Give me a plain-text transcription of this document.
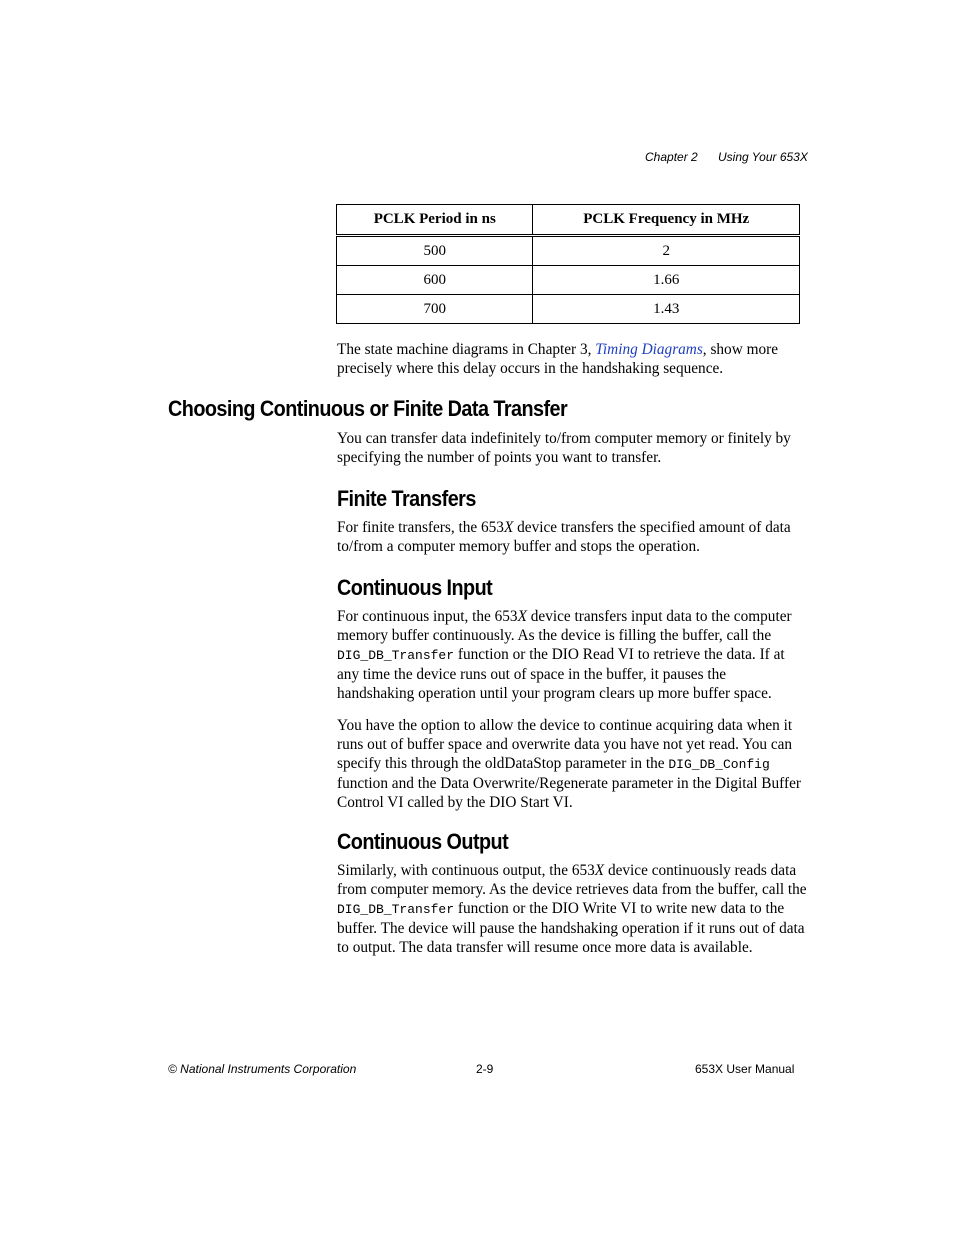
Chapter 2 Using Your 653X
PCLK Period in ns	PCLK Frequency in MHz
500	2
600	1.66
700	1.43

The state machine diagrams in Chapter 3, Timing Diagrams, show more precisely where this delay occurs in the handshaking sequence.

Choosing Continuous or Finite Data Transfer

You can transfer data indefinitely to/from computer memory or finitely by specifying the number of points you want to transfer.

Finite Transfers

For finite transfers, the 653X device transfers the specified amount of data to/from a computer memory buffer and stops the operation.

Continuous Input

For continuous input, the 653X device transfers input data to the computer memory buffer continuously. As the device is filling the buffer, call the DIG_DB_Transfer function or the DIO Read VI to retrieve the data. If at any time the device runs out of space in the buffer, it pauses the handshaking operation until your program clears up more buffer space.

You have the option to allow the device to continue acquiring data when it runs out of buffer space and overwrite data you have not yet read. You can specify this through the oldDataStop parameter in the DIG_DB_Config function and the Data Overwrite/Regenerate parameter in the Digital Buffer Control VI called by the DIO Start VI.

Continuous Output

Similarly, with continuous output, the 653X device continuously reads data from computer memory. As the device retrieves data from the buffer, call the DIG_DB_Transfer function or the DIO Write VI to write new data to the buffer. The device will pause the handshaking operation if it runs out of data to output. The data transfer will resume once more data is available.

© National Instruments Corporation	2-9	653X User Manual
